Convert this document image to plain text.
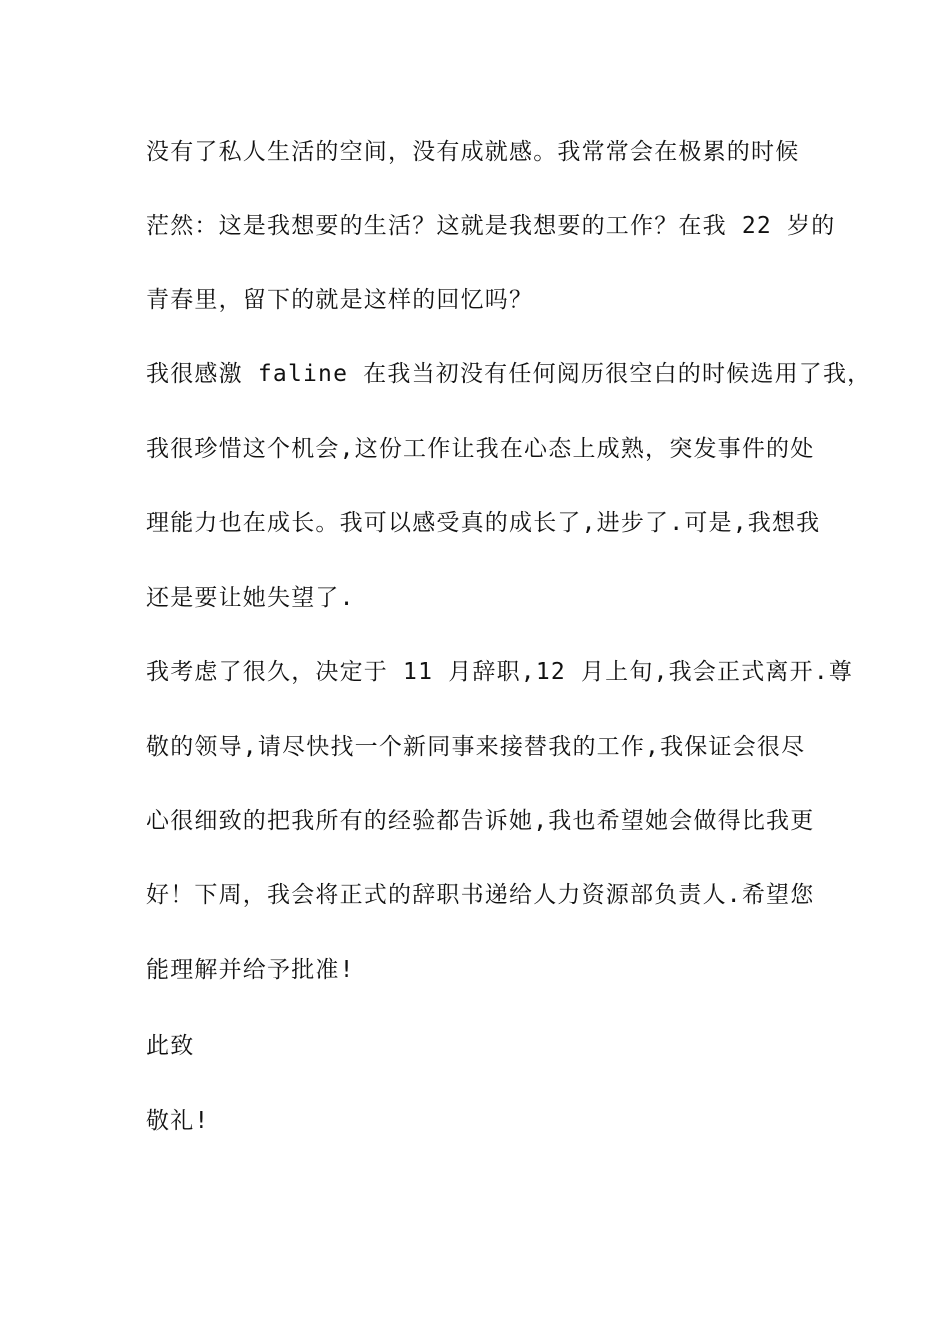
没有了私人生活的空间，没有成就感。我常常会在极累的时候

茫然：这是我想要的生活？这就是我想要的工作？在我 22 岁的

青春里，留下的就是这样的回忆吗？

我很感激 faline 在我当初没有任何阅历很空白的时候选用了我，

我很珍惜这个机会,这份工作让我在心态上成熟，突发事件的处

理能力也在成长。我可以感受真的成长了,进步了.可是,我想我

还是要让她失望了.

我考虑了很久，决定于 11 月辞职,12 月上旬,我会正式离开.尊

敬的领导,请尽快找一个新同事来接替我的工作,我保证会很尽

心很细致的把我所有的经验都告诉她,我也希望她会做得比我更

好！下周，我会将正式的辞职书递给人力资源部负责人.希望您

能理解并给予批准!

此致

敬礼!
